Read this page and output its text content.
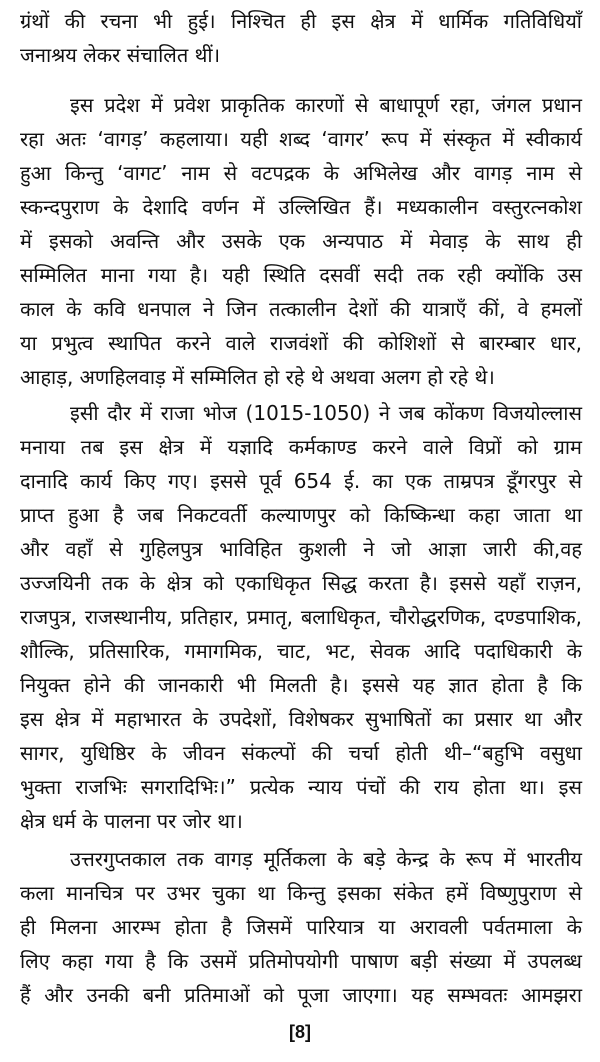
ग्रंथों की रचना भी हुई। निश्चित ही इस क्षेत्र में धार्मिक गतिविधियाँ
जनाश्रय लेकर संचालित थीं।
इस प्रदेश में प्रवेश प्राकृतिक कारणों से बाधापूर्ण रहा, जंगल प्रधान
रहा अतः ‘वागड़’ कहलाया। यही शब्द ‘वागर’ रूप में संस्कृत में स्वीकार्य
हुआ किन्तु ‘वागट’ नाम से वटपद्रक के अभिलेख और वागड़ नाम से
स्कन्दपुराण के देशादि वर्णन में उल्लिखित हैं। मध्यकालीन वस्तुरत्नकोश
में इसको अवन्ति और उसके एक अन्यपाठ में मेवाड़ के साथ ही
सम्मिलित माना गया है। यही स्थिति दसवीं सदी तक रही क्योंकि उस
काल के कवि धनपाल ने जिन तत्कालीन देशों की यात्राएँ कीं, वे हमलों
या प्रभुत्व स्थापित करने वाले राजवंशों की कोशिशों से बारम्बार धार,
आहाड़, अणहिलवाड़ में सम्मिलित हो रहे थे अथवा अलग हो रहे थे।
इसी दौर में राजा भोज (1015-1050) ने जब कोंकण विजयोल्लास
मनाया तब इस क्षेत्र में यज्ञादि कर्मकाण्ड करने वाले विप्रों को ग्राम
दानादि कार्य किए गए। इससे पूर्व 654 ई. का एक ताम्रपत्र डूँगरपुर से
प्राप्त हुआ है जब निकटवर्ती कल्याणपुर को किष्किन्धा कहा जाता था
और वहाँ से गुहिलपुत्र भाविहित कुशली ने जो आज्ञा जारी की,वह
उज्जयिनी तक के क्षेत्र को एकाधिकृत सिद्ध करता है। इससे यहाँ राज़न,
राजपुत्र, राजस्थानीय, प्रतिहार, प्रमातृ, बलाधिकृत, चौरोद्धरणिक, दण्डपाशिक,
शौल्कि, प्रतिसारिक, गमागमिक, चाट, भट, सेवक आदि पदाधिकारी के
नियुक्त होने की जानकारी भी मिलती है। इससे यह ज्ञात होता है कि
इस क्षेत्र में महाभारत के उपदेशों, विशेषकर सुभाषितों का प्रसार था और
सागर, युधिष्ठिर के जीवन संकल्पों की चर्चा होती थी–“बहुभि वसुधा
भुक्ता राजभिः सगरादिभिः।” प्रत्येक न्याय पंचों की राय होता था। इस
क्षेत्र धर्म के पालना पर जोर था।
उत्तरगुप्तकाल तक वागड़ मूर्तिकला के बड़े केन्द्र के रूप में भारतीय
कला मानचित्र पर उभर चुका था किन्तु इसका संकेत हमें विष्णुपुराण से
ही मिलना आरम्भ होता है जिसमें पारियात्र या अरावली पर्वतमाला के
लिए कहा गया है कि उसमें प्रतिमोपयोगी पाषाण बड़ी संख्या में उपलब्ध
हैं और उनकी बनी प्रतिमाओं को पूजा जाएगा। यह सम्भवतः आमझरा
[8]
